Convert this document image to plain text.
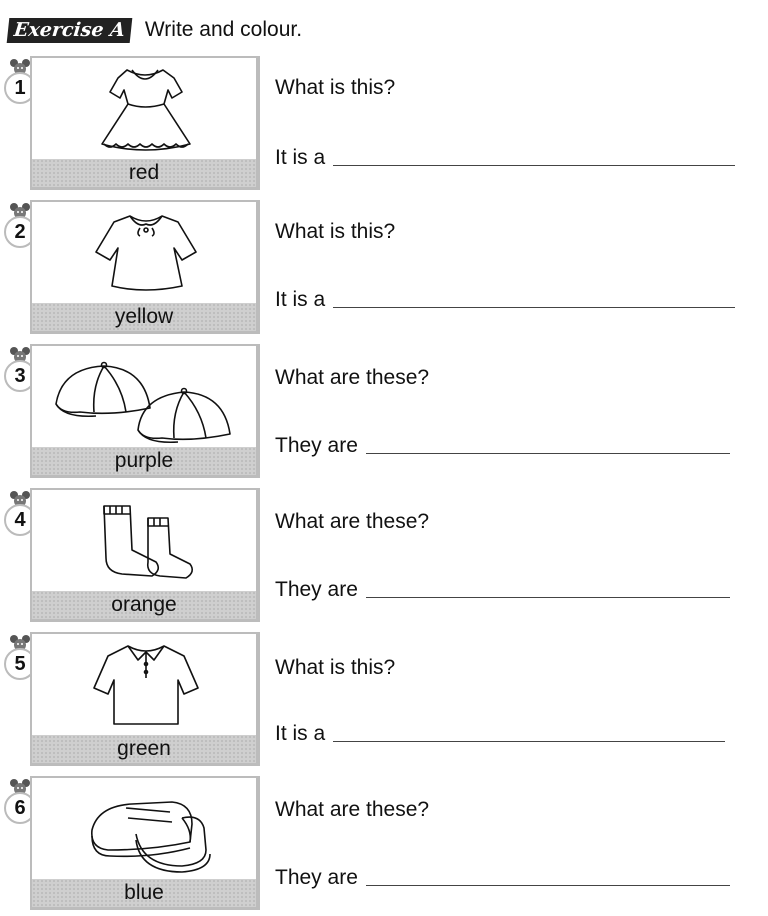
Exercise A Write and colour.
1
red
What is this?
It is a
2
yellow
What is this?
It is a
3
purple
What are these?
They are
4
orange
What are these?
They are
5
green
What is this?
It is a
6
blue
What are these?
They are
